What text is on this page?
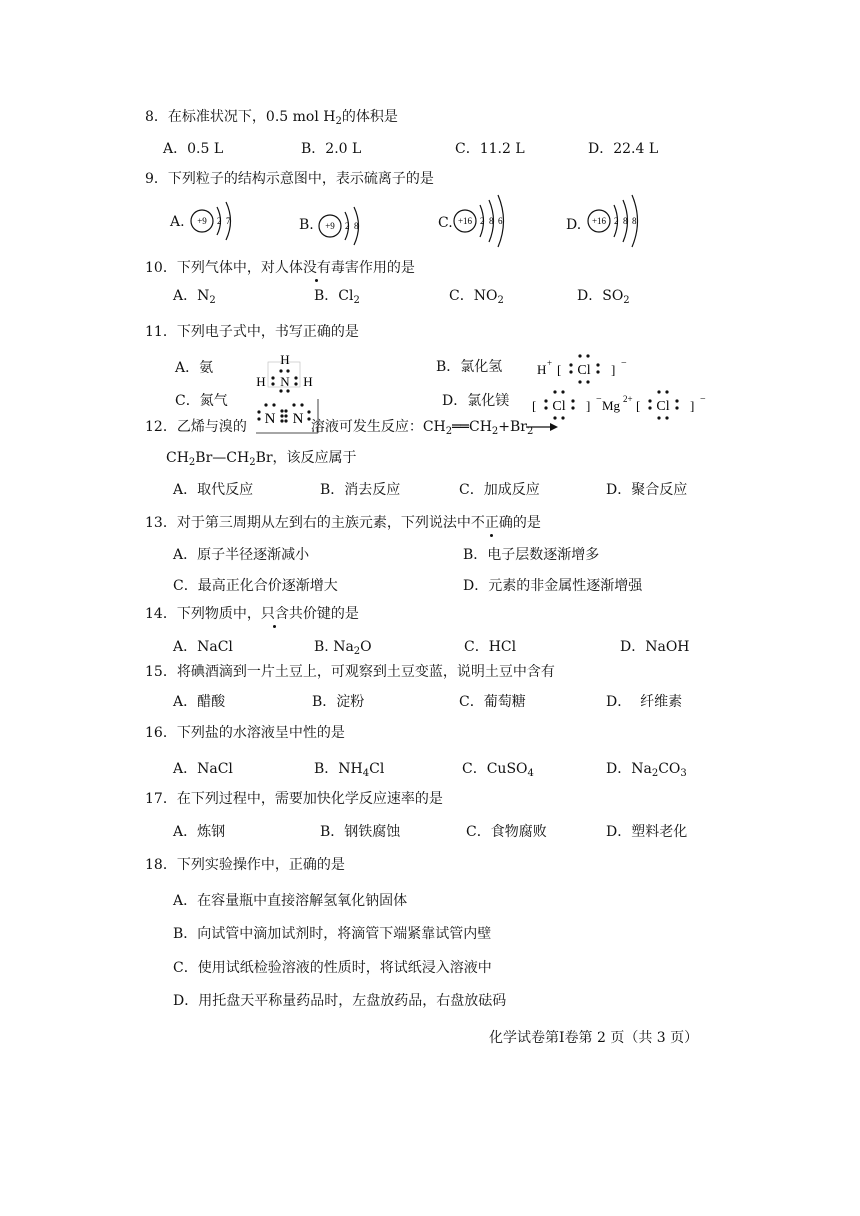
8．在标准状况下，0.5 mol $H_2$的体积是
A．0.5 L	B．2.0 L	C．11.2 L	D．22.4 L
9．下列粒子的结构示意图中，表示硫离子的是
A. +9 2  7	B. +9 2  8	C. +16 2  8  6	D. +16 2  8  8
10．下列气体中，对人体没有毒害作用的是
A．$N_2$	B．$Cl_2$	C．$NO_2$	D．$SO_2$
11．下列电子式中，书写正确的是
A．氨	B．氯化氢
C．氮气	D．氯化镁
H
H N H
N N
H + [ Cl ] −
[ Cl ] − Mg 2+ [ Cl ] −
12．乙烯与溴的	溶液可发生反应：$CH_2══CH_2+Br_2$
$CH_2Br—CH_2Br$，该反应属于
A．取代反应	B．消去反应	C．加成反应	D．聚合反应
13．对于第三周期从左到右的主族元素，下列说法中不正确的是
A．原子半径逐渐减小	B．电子层数逐渐增多
C．最高正化合价逐渐增大	D．元素的非金属性逐渐增强
14．下列物质中，只含共价键的是
A．NaCl	B. $Na_2O$	C．HCl	D．NaOH
15．将碘酒滴到一片土豆上，可观察到土豆变蓝，说明土豆中含有
A．醋酸	B．淀粉	C．葡萄糖	D．  纤维素
16．下列盐的水溶液呈中性的是
A．NaCl	B．$NH_4Cl$	C．CuSO$_4$	D．$Na_2CO_3$
17．在下列过程中，需要加快化学反应速率的是
A．炼钢	B．钢铁腐蚀	C．食物腐败	D．塑料老化
18．下列实验操作中，正确的是
A．在容量瓶中直接溶解氢氧化钠固体
B．向试管中滴加试剂时，将滴管下端紧靠试管内壁
C．使用试纸检验溶液的性质时，将试纸浸入溶液中
D．用托盘天平称量药品时，左盘放药品，右盘放砝码
化学试卷第Ⅰ卷第 2 页（共 3 页）
